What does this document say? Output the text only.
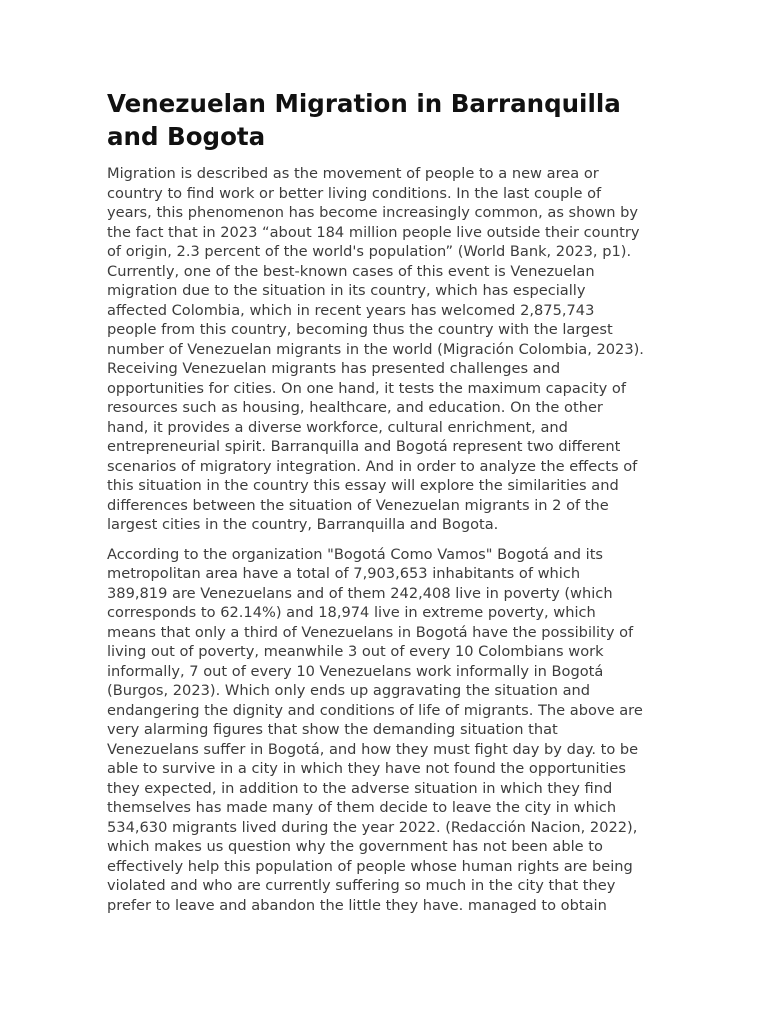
Venezuelan Migration in Barranquilla
and Bogota

Migration is described as the movement of people to a new area or
country to find work or better living conditions. In the last couple of
years, this phenomenon has become increasingly common, as shown by
the fact that in 2023 “about 184 million people live outside their country
of origin, 2.3 percent of the world's population” (World Bank, 2023, p1).
Currently, one of the best-known cases of this event is Venezuelan
migration due to the situation in its country, which has especially
affected Colombia, which in recent years has welcomed 2,875,743
people from this country, becoming thus the country with the largest
number of Venezuelan migrants in the world (Migración Colombia, 2023).
Receiving Venezuelan migrants has presented challenges and
opportunities for cities. On one hand, it tests the maximum capacity of
resources such as housing, healthcare, and education. On the other
hand, it provides a diverse workforce, cultural enrichment, and
entrepreneurial spirit. Barranquilla and Bogotá represent two different
scenarios of migratory integration. And in order to analyze the effects of
this situation in the country this essay will explore the similarities and
differences between the situation of Venezuelan migrants in 2 of the
largest cities in the country, Barranquilla and Bogota.

According to the organization "Bogotá Como Vamos" Bogotá and its
metropolitan area have a total of 7,903,653 inhabitants of which
389,819 are Venezuelans and of them 242,408 live in poverty (which
corresponds to 62.14%) and 18,974 live in extreme poverty, which
means that only a third of Venezuelans in Bogotá have the possibility of
living out of poverty, meanwhile 3 out of every 10 Colombians work
informally, 7 out of every 10 Venezuelans work informally in Bogotá
(Burgos, 2023). Which only ends up aggravating the situation and
endangering the dignity and conditions of life of migrants. The above are
very alarming figures that show the demanding situation that
Venezuelans suffer in Bogotá, and how they must fight day by day. to be
able to survive in a city in which they have not found the opportunities
they expected, in addition to the adverse situation in which they find
themselves has made many of them decide to leave the city in which
534,630 migrants lived during the year 2022. (Redacción Nacion, 2022),
which makes us question why the government has not been able to
effectively help this population of people whose human rights are being
violated and who are currently suffering so much in the city that they
prefer to leave and abandon the little they have. managed to obtain
